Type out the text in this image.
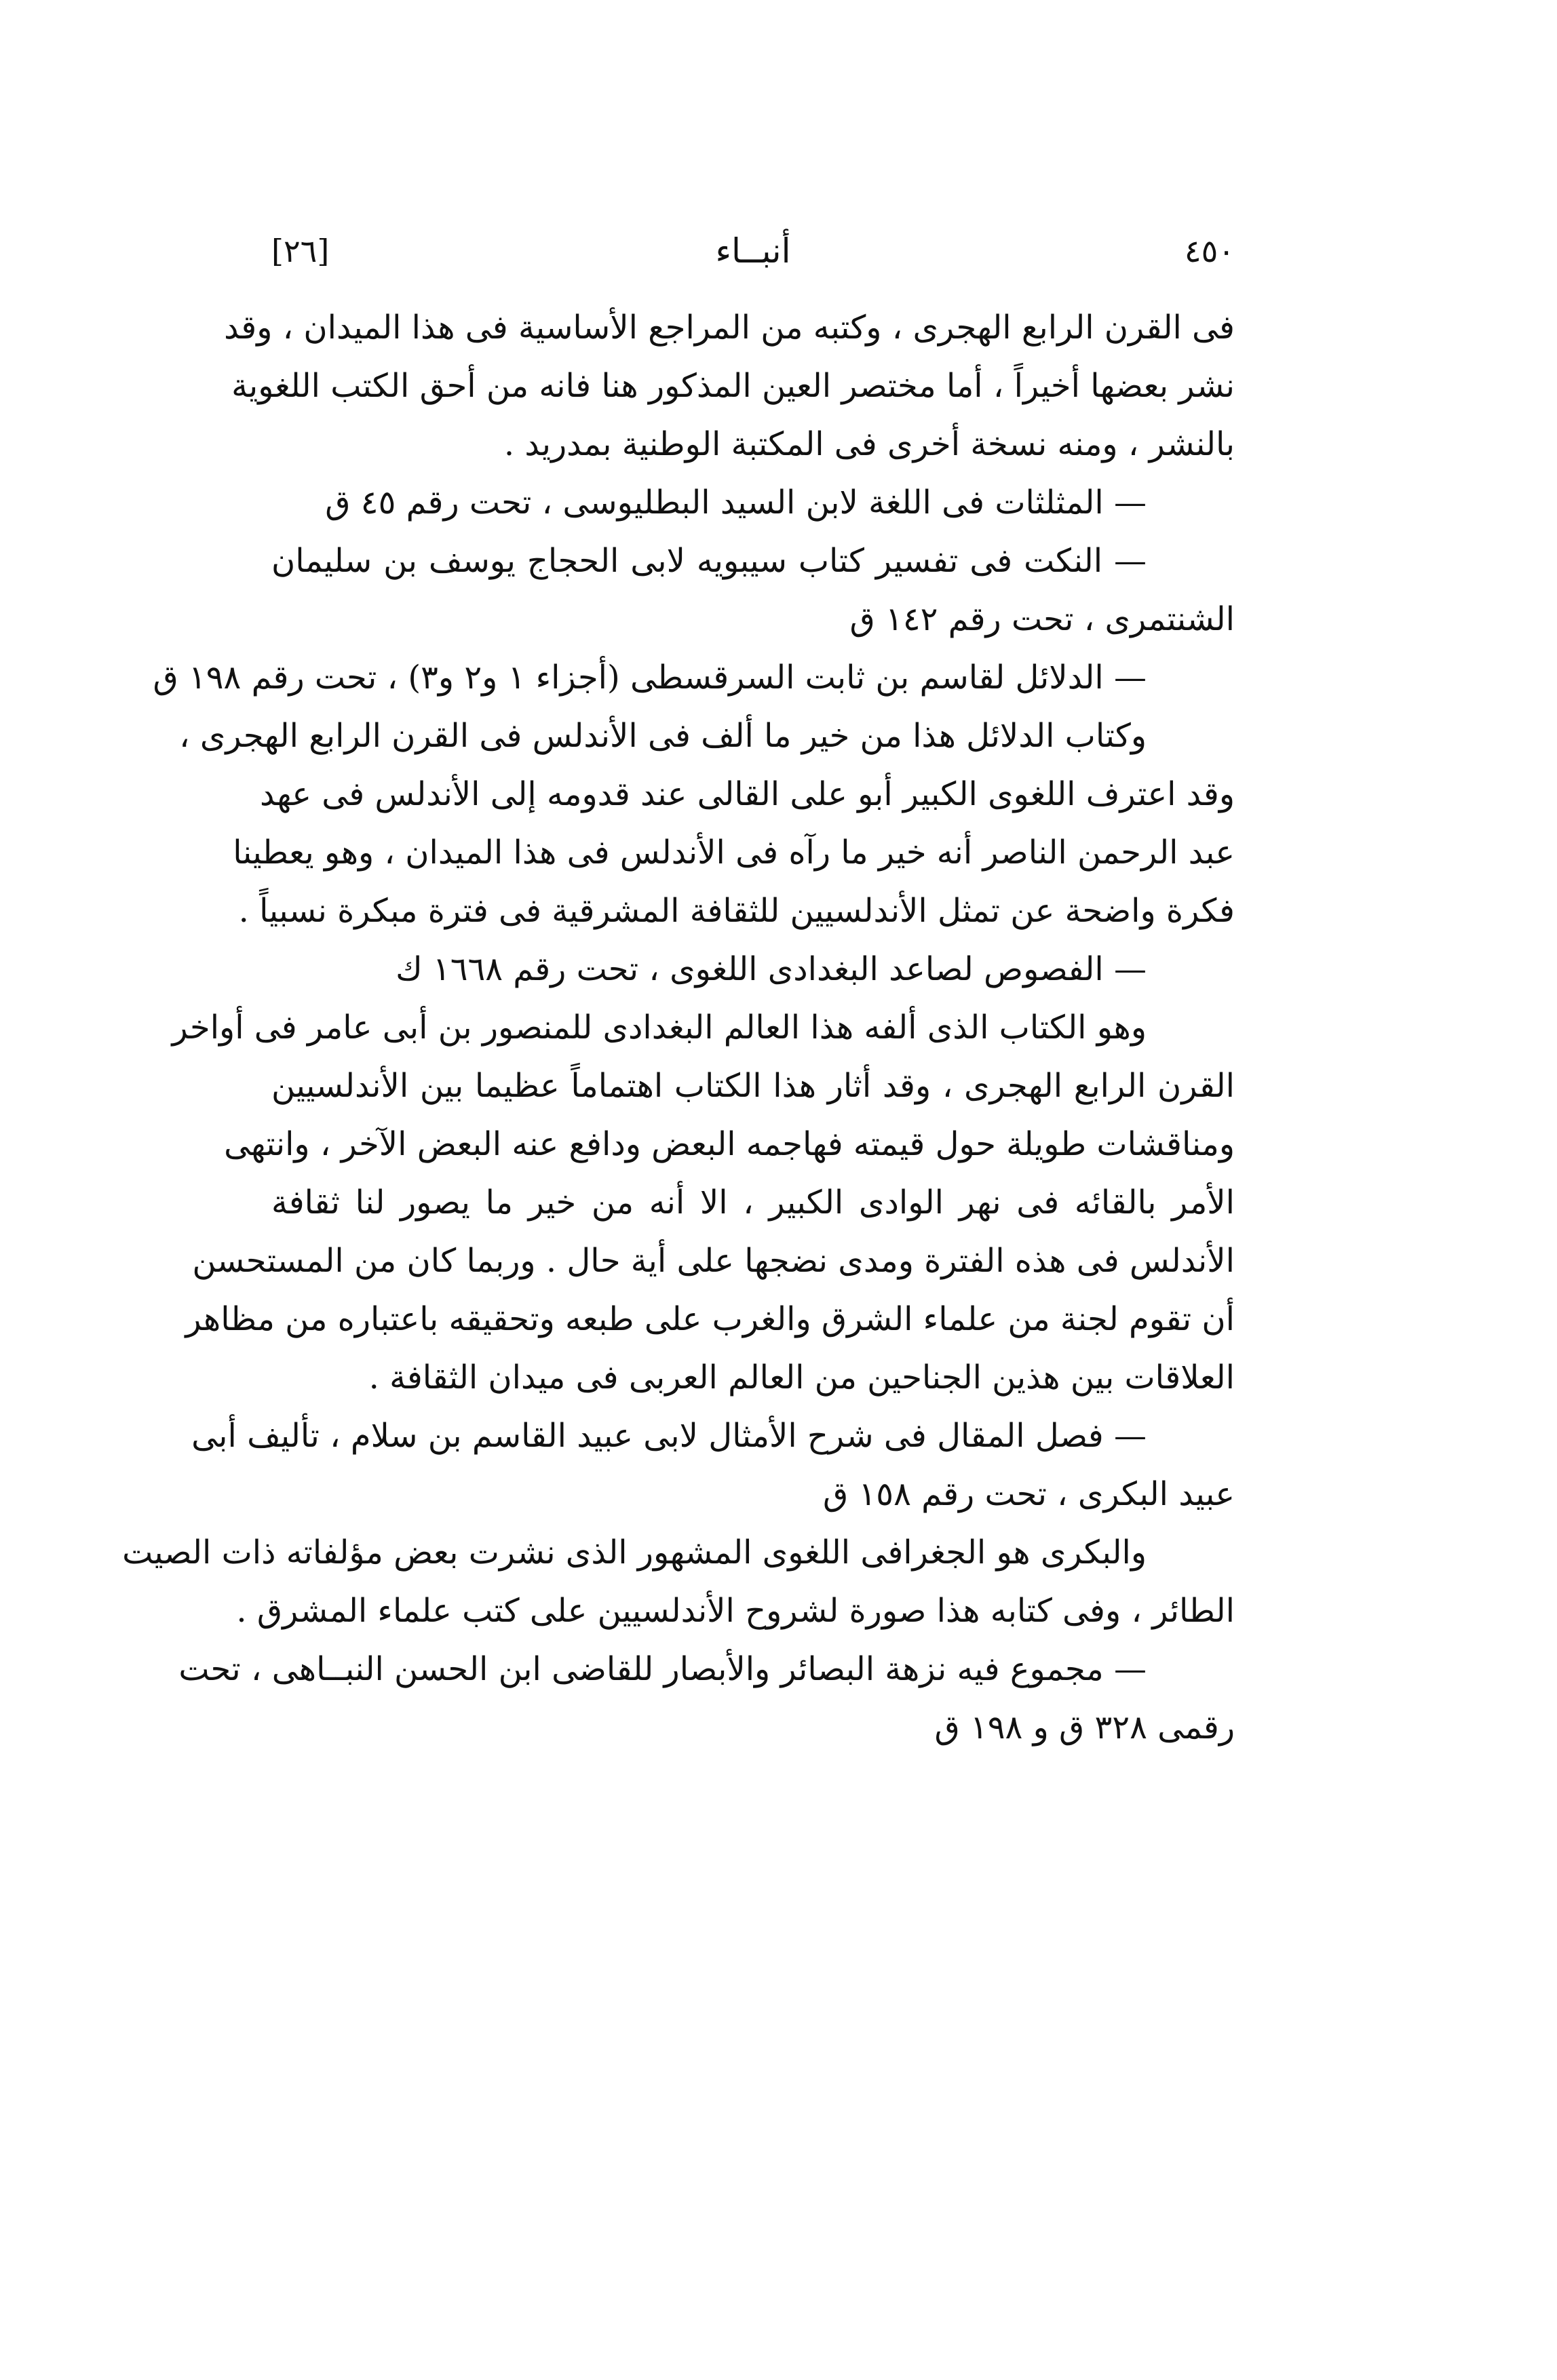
[٢٦]	أنبــاء	٤٥٠
فى القرن الرابع الهجرى ، وكتبه من المراجع الأساسية فى هذا الميدان ، وقد
نشر بعضها أخيراً ، أما مختصر العين المذكور هنا فانه من أحق الكتب اللغوية
بالنشر ، ومنه نسخة أخرى فى المكتبة الوطنية بمدريد .
— المثلثات فى اللغة لابن السيد البطليوسى ، تحت رقم ٤٥ ق
— النكت فى تفسير كتاب سيبويه لابى الحجاج يوسف بن سليمان
الشنتمرى ، تحت رقم ١٤٢ ق
— الدلائل لقاسم بن ثابت السرقسطى (أجزاء ١ و٢ و٣) ، تحت رقم ١٩٨ ق
وكتاب الدلائل هذا من خير ما ألف فى الأندلس فى القرن الرابع الهجرى ،
وقد اعترف اللغوى الكبير أبو على القالى عند قدومه إلى الأندلس فى عهد
عبد الرحمن الناصر أنه خير ما رآه فى الأندلس فى هذا الميدان ، وهو يعطينا
فكرة واضحة عن تمثل الأندلسيين للثقافة المشرقية فى فترة مبكرة نسبياً .
— الفصوص لصاعد البغدادى اللغوى ، تحت رقم ١٦٦٨ ك
وهو الكتاب الذى ألفه هذا العالم البغدادى للمنصور بن أبى عامر فى أواخر
القرن الرابع الهجرى ، وقد أثار هذا الكتاب اهتماماً عظيما بين الأندلسيين
ومناقشات طويلة حول قيمته فهاجمه البعض ودافع عنه البعض الآخر ، وانتهى
الأمر بالقائه فى نهر الوادى الكبير ، الا أنه من خير ما يصور لنا ثقافة
الأندلس فى هذه الفترة ومدى نضجها على أية حال . وربما كان من المستحسن
أن تقوم لجنة من علماء الشرق والغرب على طبعه وتحقيقه باعتباره من مظاهر
العلاقات بين هذين الجناحين من العالم العربى فى ميدان الثقافة .
— فصل المقال فى شرح الأمثال لابى عبيد القاسم بن سلام ، تأليف أبى
عبيد البكرى ، تحت رقم ١٥٨ ق
والبكرى هو الجغرافى اللغوى المشهور الذى نشرت بعض مؤلفاته ذات الصيت
الطائر ، وفى كتابه هذا صورة لشروح الأندلسيين على كتب علماء المشرق .
— مجموع فيه نزهة البصائر والأبصار للقاضى ابن الحسن النبــاهى ، تحت
رقمى ٣٢٨ ق و ١٩٨ ق
